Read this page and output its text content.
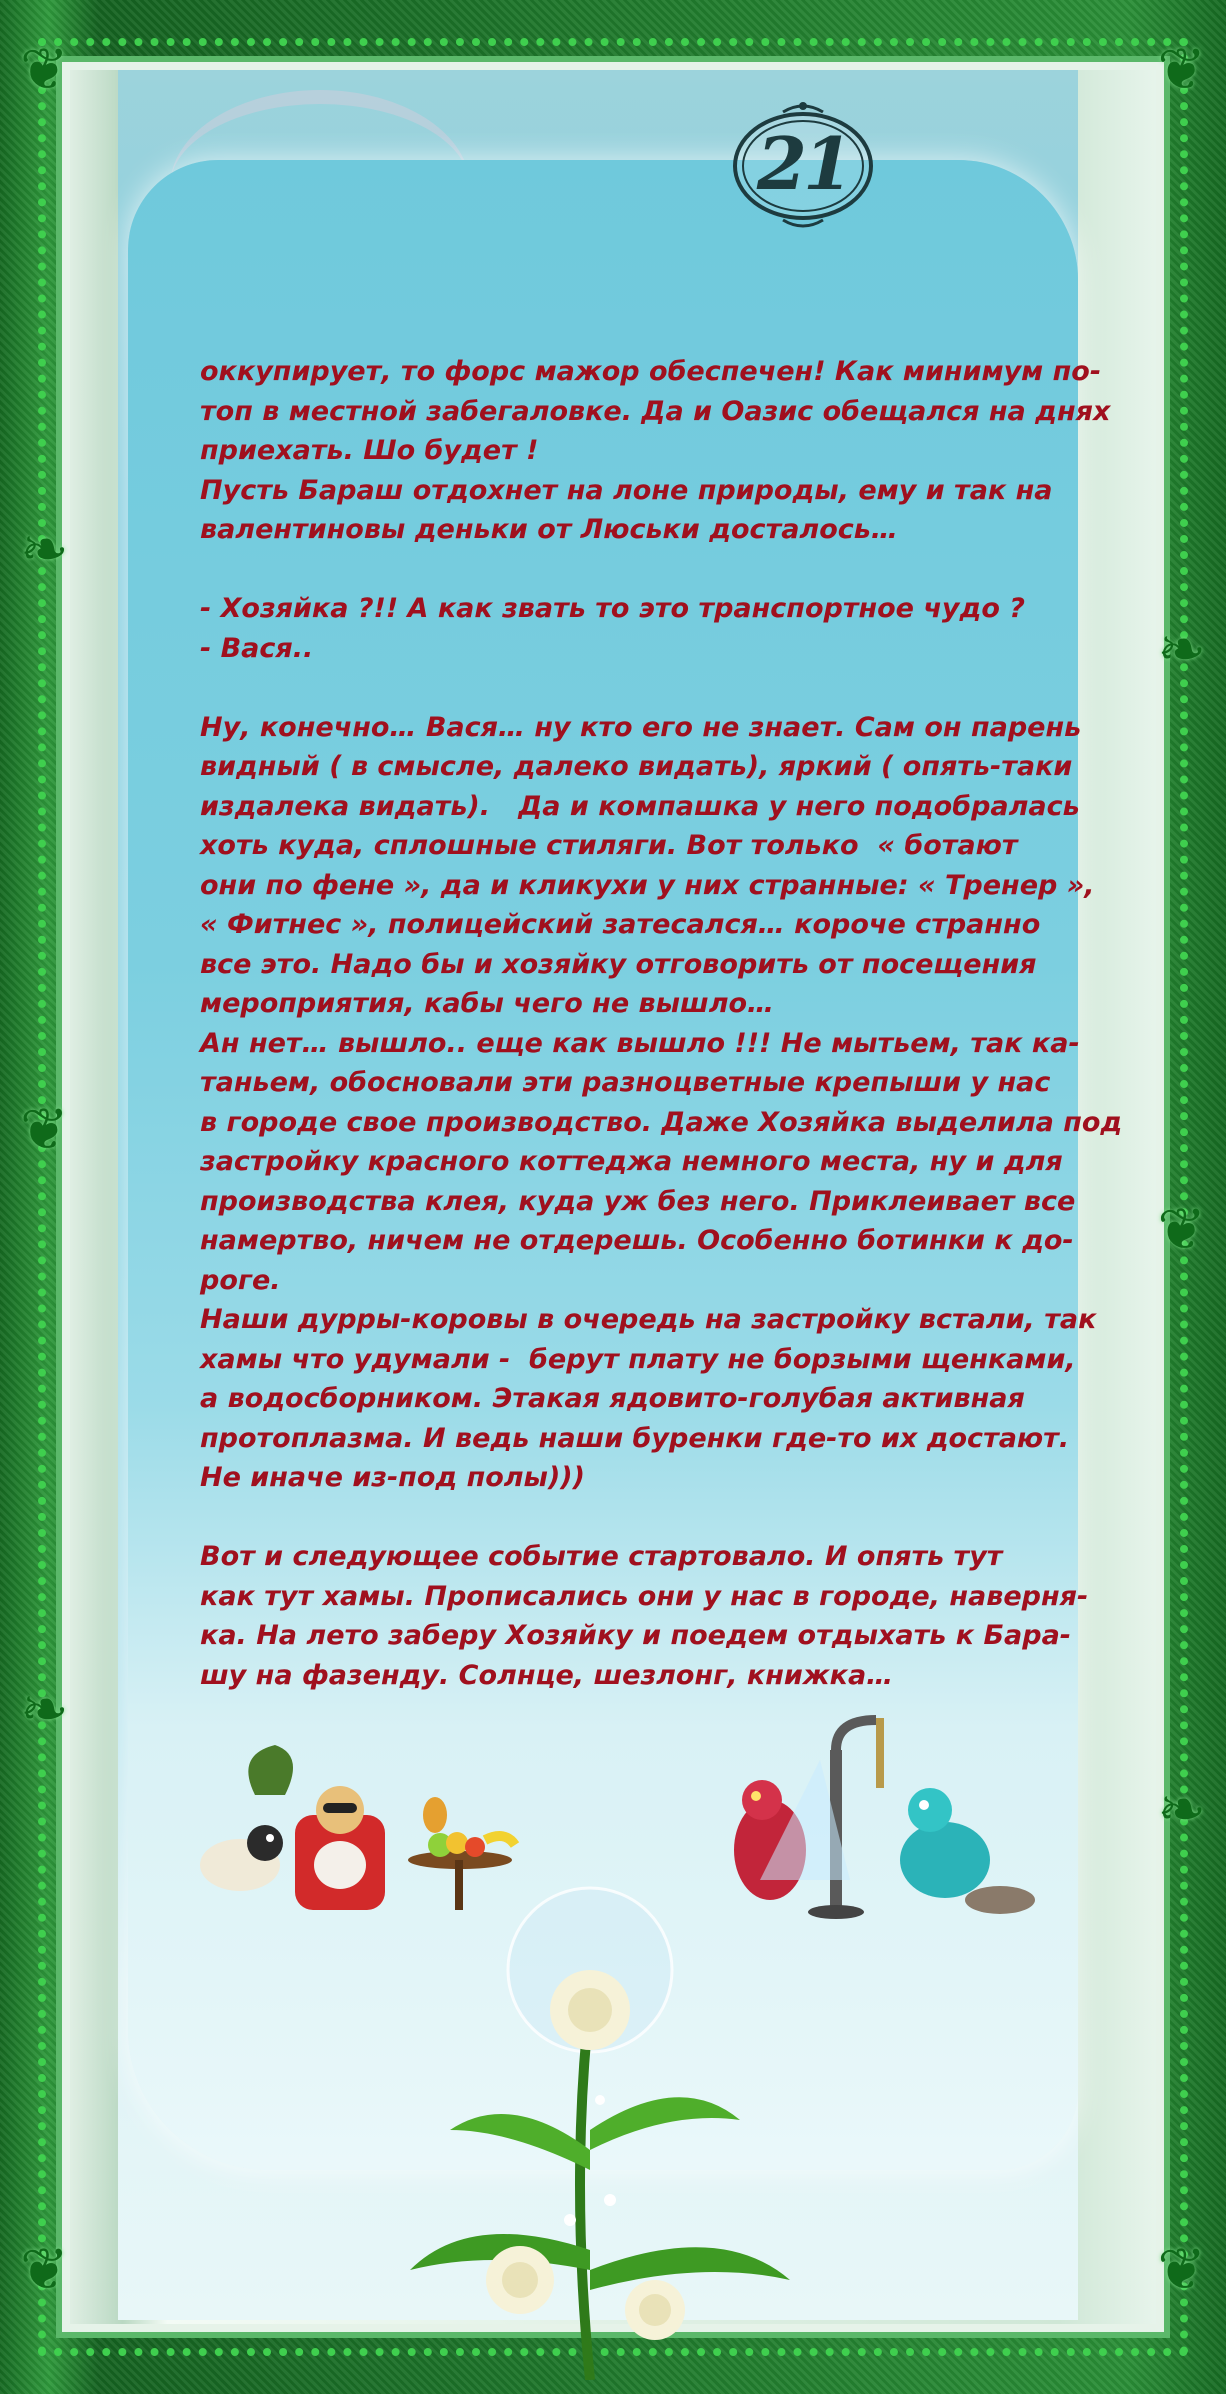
❦
❧
❦
❧
❦
❦
❧
❦
❧
❦
21
оккупирует, то форс мажор обеспечен! Как минимум по-
топ в местной забегаловке. Да и Оазис обещался на днях
приехать. Шо будет !
Пусть Бараш отдохнет на лоне природы, ему и так на
валентиновы деньки от Люськи досталось…
- Хозяйка ?!! А как звать то это транспортное чудо ?
- Вася..
Ну, конечно… Вася… ну кто его не знает. Сам он парень
видный ( в смысле, далеко видать), яркий ( опять-таки
издалека видать).   Да и компашка у него подобралась
хоть куда, сплошные стиляги. Вот только  « ботают
они по фене », да и кликухи у них странные: « Тренер »,
« Фитнес », полицейский затесался… короче странно
все это. Надо бы и хозяйку отговорить от посещения
мероприятия, кабы чего не вышло…
Ан нет… вышло.. еще как вышло !!! Не мытьем, так ка-
таньем, обосновали эти разноцветные крепыши у нас
в городе свое производство. Даже Хозяйка выделила под
застройку красного коттеджа немного места, ну и для
производства клея, куда уж без него. Приклеивает все
намертво, ничем не отдерешь. Особенно ботинки к до-
роге.
Наши дурры-коровы в очередь на застройку встали, так
хамы что удумали -  берут плату не борзыми щенками,
а водосборником. Этакая ядовито-голубая активная
протоплазма. И ведь наши буренки где-то их достают.
Не иначе из-под полы)))
Вот и следующее событие стартовало. И опять тут
как тут хамы. Прописались они у нас в городе, наверня-
ка. На лето заберу Хозяйку и поедем отдыхать к Бара-
шу на фазенду. Солнце, шезлонг, книжка…
